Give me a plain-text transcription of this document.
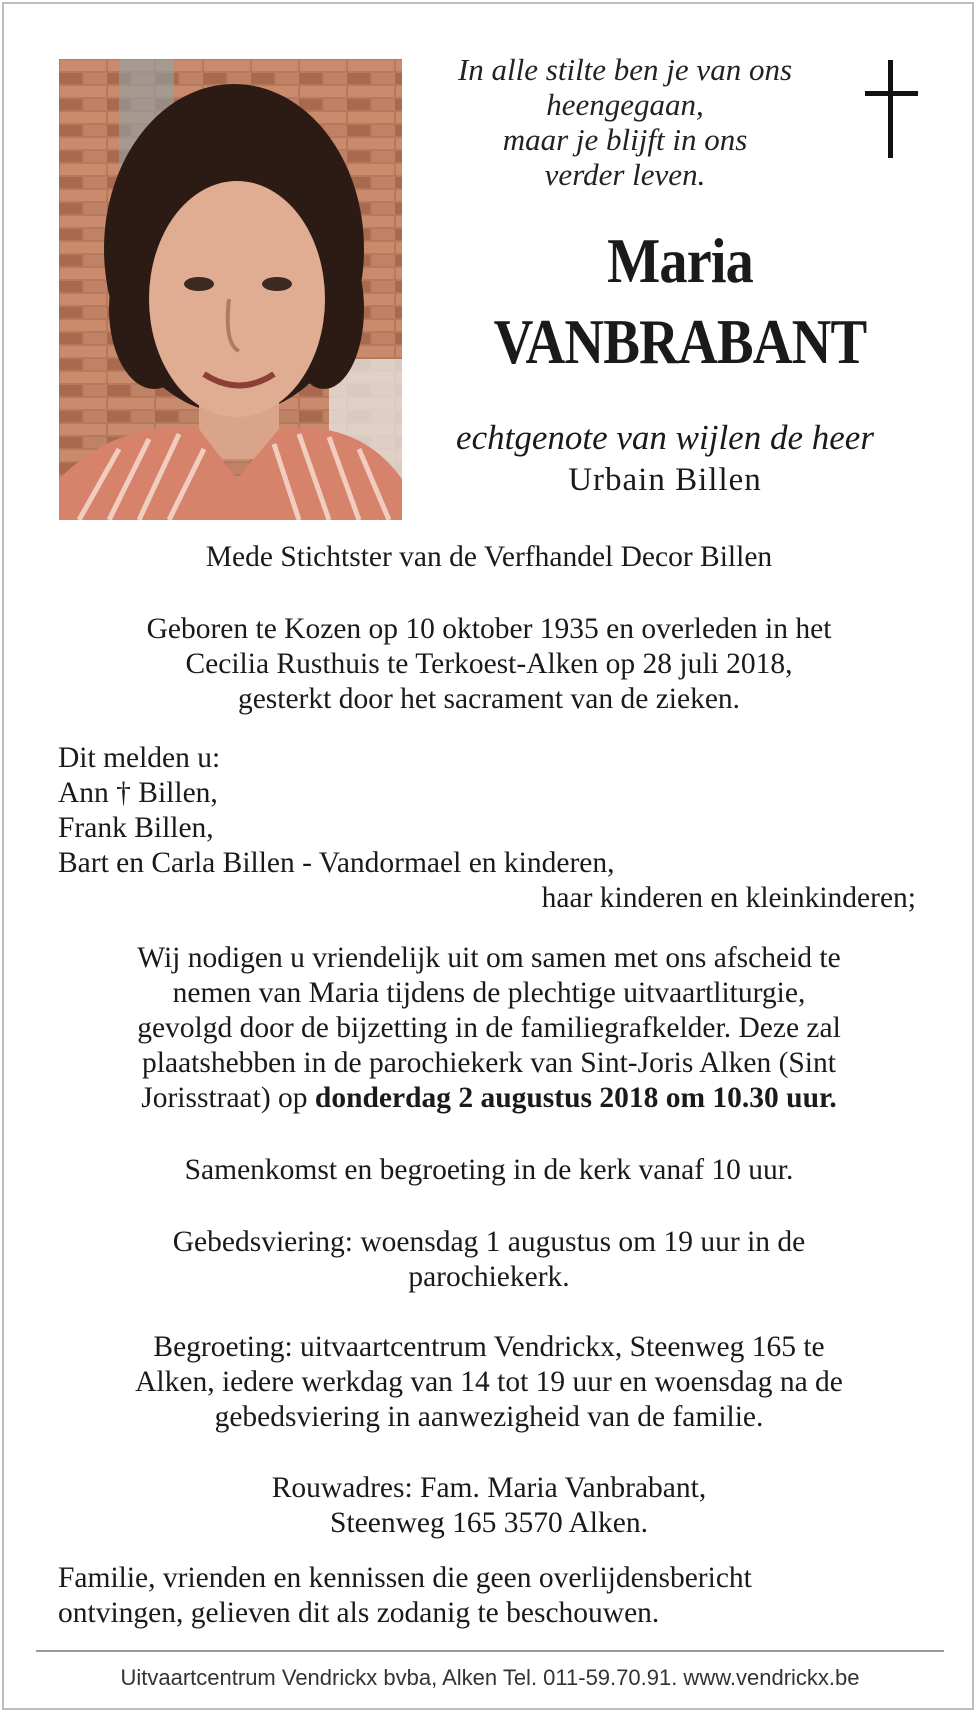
In alle stilte ben je van ons
heengegaan,
maar je blijft in ons
verder leven.
Maria
VANBRABANT
echtgenote van wijlen de heer
Urbain Billen

Mede Stichtster van de Verfhandel Decor Billen

Geboren te Kozen op 10 oktober 1935 en overleden in het
Cecilia Rusthuis te Terkoest-Alken op 28 juli 2018,
gesterkt door het sacrament van de zieken.

Dit melden u:
Ann † Billen,
Frank Billen,
Bart en Carla Billen - Vandormael en kinderen,
haar kinderen en kleinkinderen;

Wij nodigen u vriendelijk uit om samen met ons afscheid te
nemen van Maria tijdens de plechtige uitvaartliturgie,
gevolgd door de bijzetting in de familiegrafkelder. Deze zal
plaatshebben in de parochiekerk van Sint-Joris Alken (Sint
Jorisstraat) op donderdag 2 augustus 2018 om 10.30 uur.

Samenkomst en begroeting in de kerk vanaf 10 uur.

Gebedsviering: woensdag 1 augustus om 19 uur in de
parochiekerk.

Begroeting: uitvaartcentrum Vendrickx, Steenweg 165 te
Alken, iedere werkdag van 14 tot 19 uur en woensdag na de
gebedsviering in aanwezigheid van de familie.

Rouwadres: Fam. Maria Vanbrabant,
Steenweg 165 3570 Alken.

Familie, vrienden en kennissen die geen overlijdensbericht
ontvingen, gelieven dit als zodanig te beschouwen.

Uitvaartcentrum Vendrickx bvba, Alken Tel. 011-59.70.91. www.vendrickx.be
